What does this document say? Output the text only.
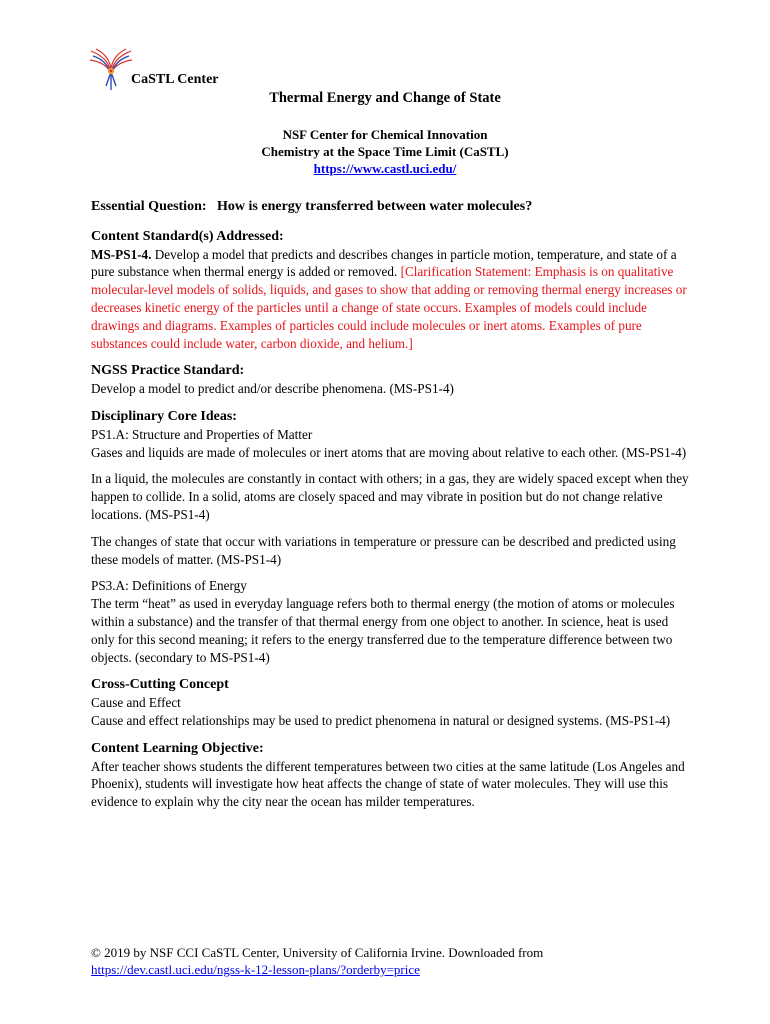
CaSTL Center
Thermal Energy and Change of State
NSF Center for Chemical Innovation
Chemistry at the Space Time Limit (CaSTL)
https://www.castl.uci.edu/

Essential Question: How is energy transferred between water molecules?

Content Standard(s) Addressed:

MS-PS1-4. Develop a model that predicts and describes changes in particle motion, temperature, and state of a pure substance when thermal energy is added or removed. [Clarification Statement: Emphasis is on qualitative molecular-level models of solids, liquids, and gases to show that adding or removing thermal energy increases or decreases kinetic energy of the particles until a change of state occurs. Examples of models could include drawings and diagrams. Examples of particles could include molecules or inert atoms. Examples of pure substances could include water, carbon dioxide, and helium.]

NGSS Practice Standard:

Develop a model to predict and/or describe phenomena. (MS-PS1-4)

Disciplinary Core Ideas:

PS1.A: Structure and Properties of Matter

Gases and liquids are made of molecules or inert atoms that are moving about relative to each other. (MS-PS1-4)

In a liquid, the molecules are constantly in contact with others; in a gas, they are widely spaced except when they happen to collide. In a solid, atoms are closely spaced and may vibrate in position but do not change relative locations. (MS-PS1-4)

The changes of state that occur with variations in temperature or pressure can be described and predicted using these models of matter. (MS-PS1-4)

PS3.A: Definitions of Energy

The term “heat” as used in everyday language refers both to thermal energy (the motion of atoms or molecules within a substance) and the transfer of that thermal energy from one object to another. In science, heat is used only for this second meaning; it refers to the energy transferred due to the temperature difference between two objects. (secondary to MS-PS1-4)

Cross-Cutting Concept

Cause and Effect

Cause and effect relationships may be used to predict phenomena in natural or designed systems. (MS-PS1-4)

Content Learning Objective:

After teacher shows students the different temperatures between two cities at the same latitude (Los Angeles and Phoenix), students will investigate how heat affects the change of state of water molecules. They will use this evidence to explain why the city near the ocean has milder temperatures.

© 2019 by NSF CCI CaSTL Center, University of California Irvine. Downloaded from
https://dev.castl.uci.edu/ngss-k-12-lesson-plans/?orderby=price
